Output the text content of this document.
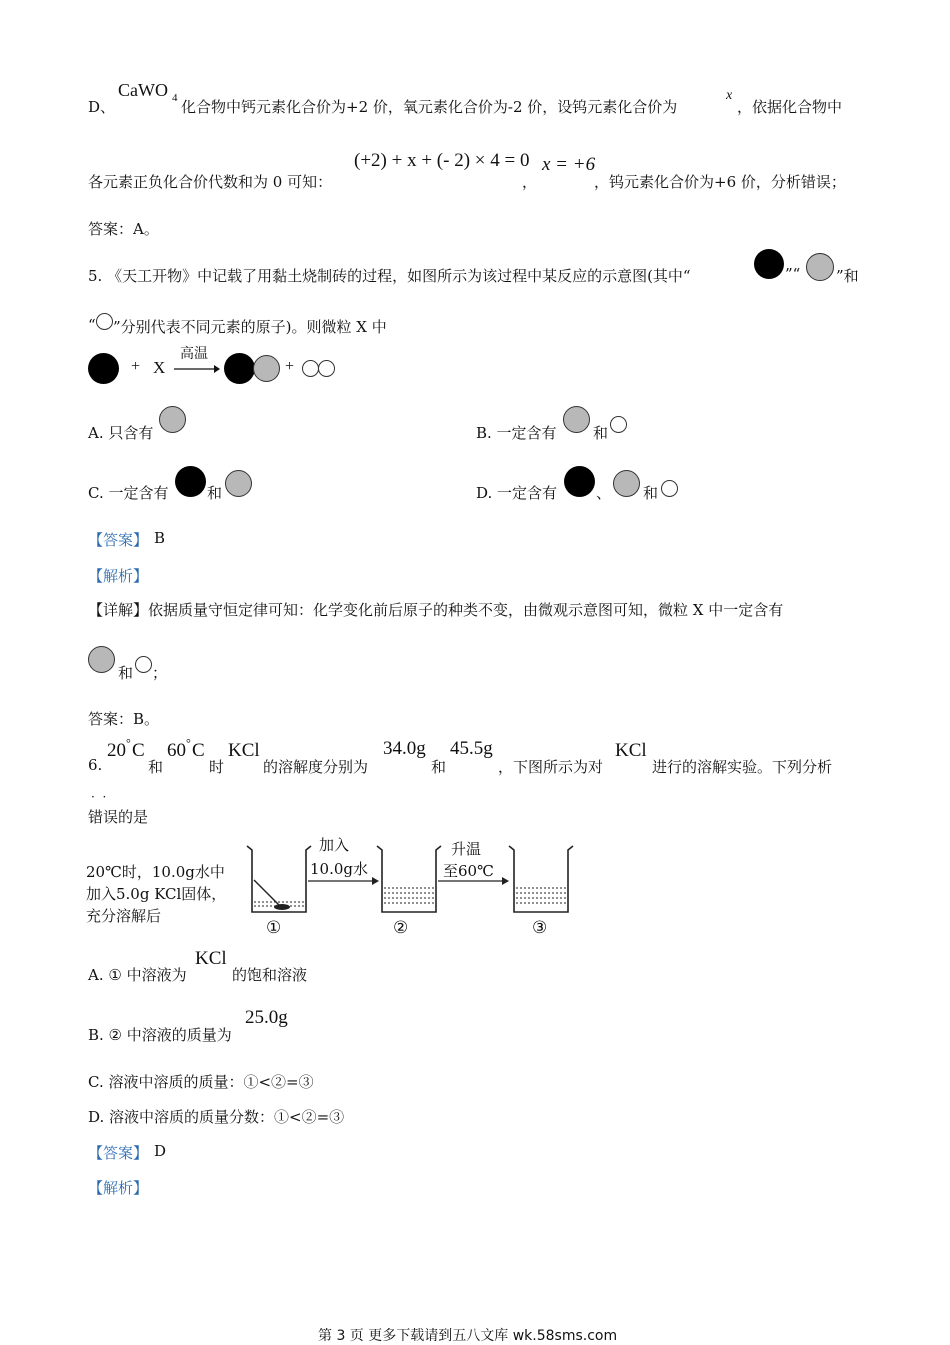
D、
CaWO 4 化合物中钙元素化合价为+2 价，氧元素化合价为-2 价，设钨元素化合价为
x
，依据化合物中
各元素正负化合价代数和为 0 可知：
(+2) + x + (- 2) × 4 = 0
，
x = +6
，钨元素化合价为+6 价，分析错误；
答案：A。
5. 《天工开物》中记载了用黏土烧制砖的过程，如图所示为该过程中某反应的示意图(其中“	”“ ”和
“ ”分别代表不同元素的原子)。则微粒 X 中
+ X
高温
+
A. 只含有	B. 一定含有 和
C. 一定含有	和	D. 一定含有	、 和
【答案】 B
【解析】
【详解】依据质量守恒定律可知：化学变化前后原子的种类不变，由微观示意图可知，微粒 X 中一定含有
和 ；
答案：B。
6.
20 ° C
和
60 ° C
时
KCl
的溶解度分别为
34.0g
和
45.5g
，下图所示为对
KCl
进行的溶解实验。下列分析
错误的是
·  ·
20℃时，10.0g水中
加入5.0g KCl固体，
充分溶解后
①
加入
10.0g水
②
升温
至60℃
③
A. ① 中溶液为
KCl
的饱和溶液
B. ② 中溶液的质量为
25.0g
C. 溶液中溶质的质量：①<②=③
D. 溶液中溶质的质量分数：①<②=③
【答案】 D
【解析】
第 3 页 更多下载请到五八文库 wk.58sms.com
